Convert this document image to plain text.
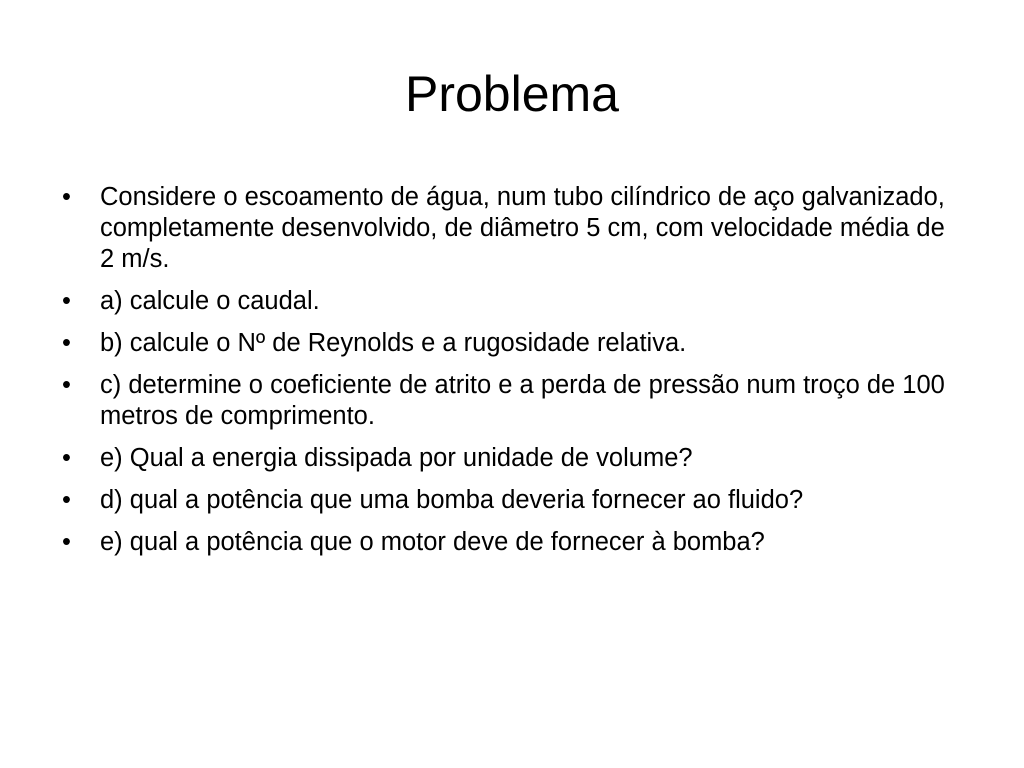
Problema
•	Considere o escoamento de água, num tubo cilíndrico de aço galvanizado, completamente desenvolvido, de diâmetro 5 cm, com velocidade média de 2 m/s.
•	a) calcule o caudal.
•	b) calcule o Nº de Reynolds e a rugosidade relativa.
•	c) determine o coeficiente de atrito e a perda de pressão num troço de 100 metros de comprimento.
•	e) Qual a energia dissipada por unidade de volume?
•	d) qual a potência que uma bomba deveria fornecer ao fluido?
•	e) qual a potência que o motor deve de fornecer à bomba?
